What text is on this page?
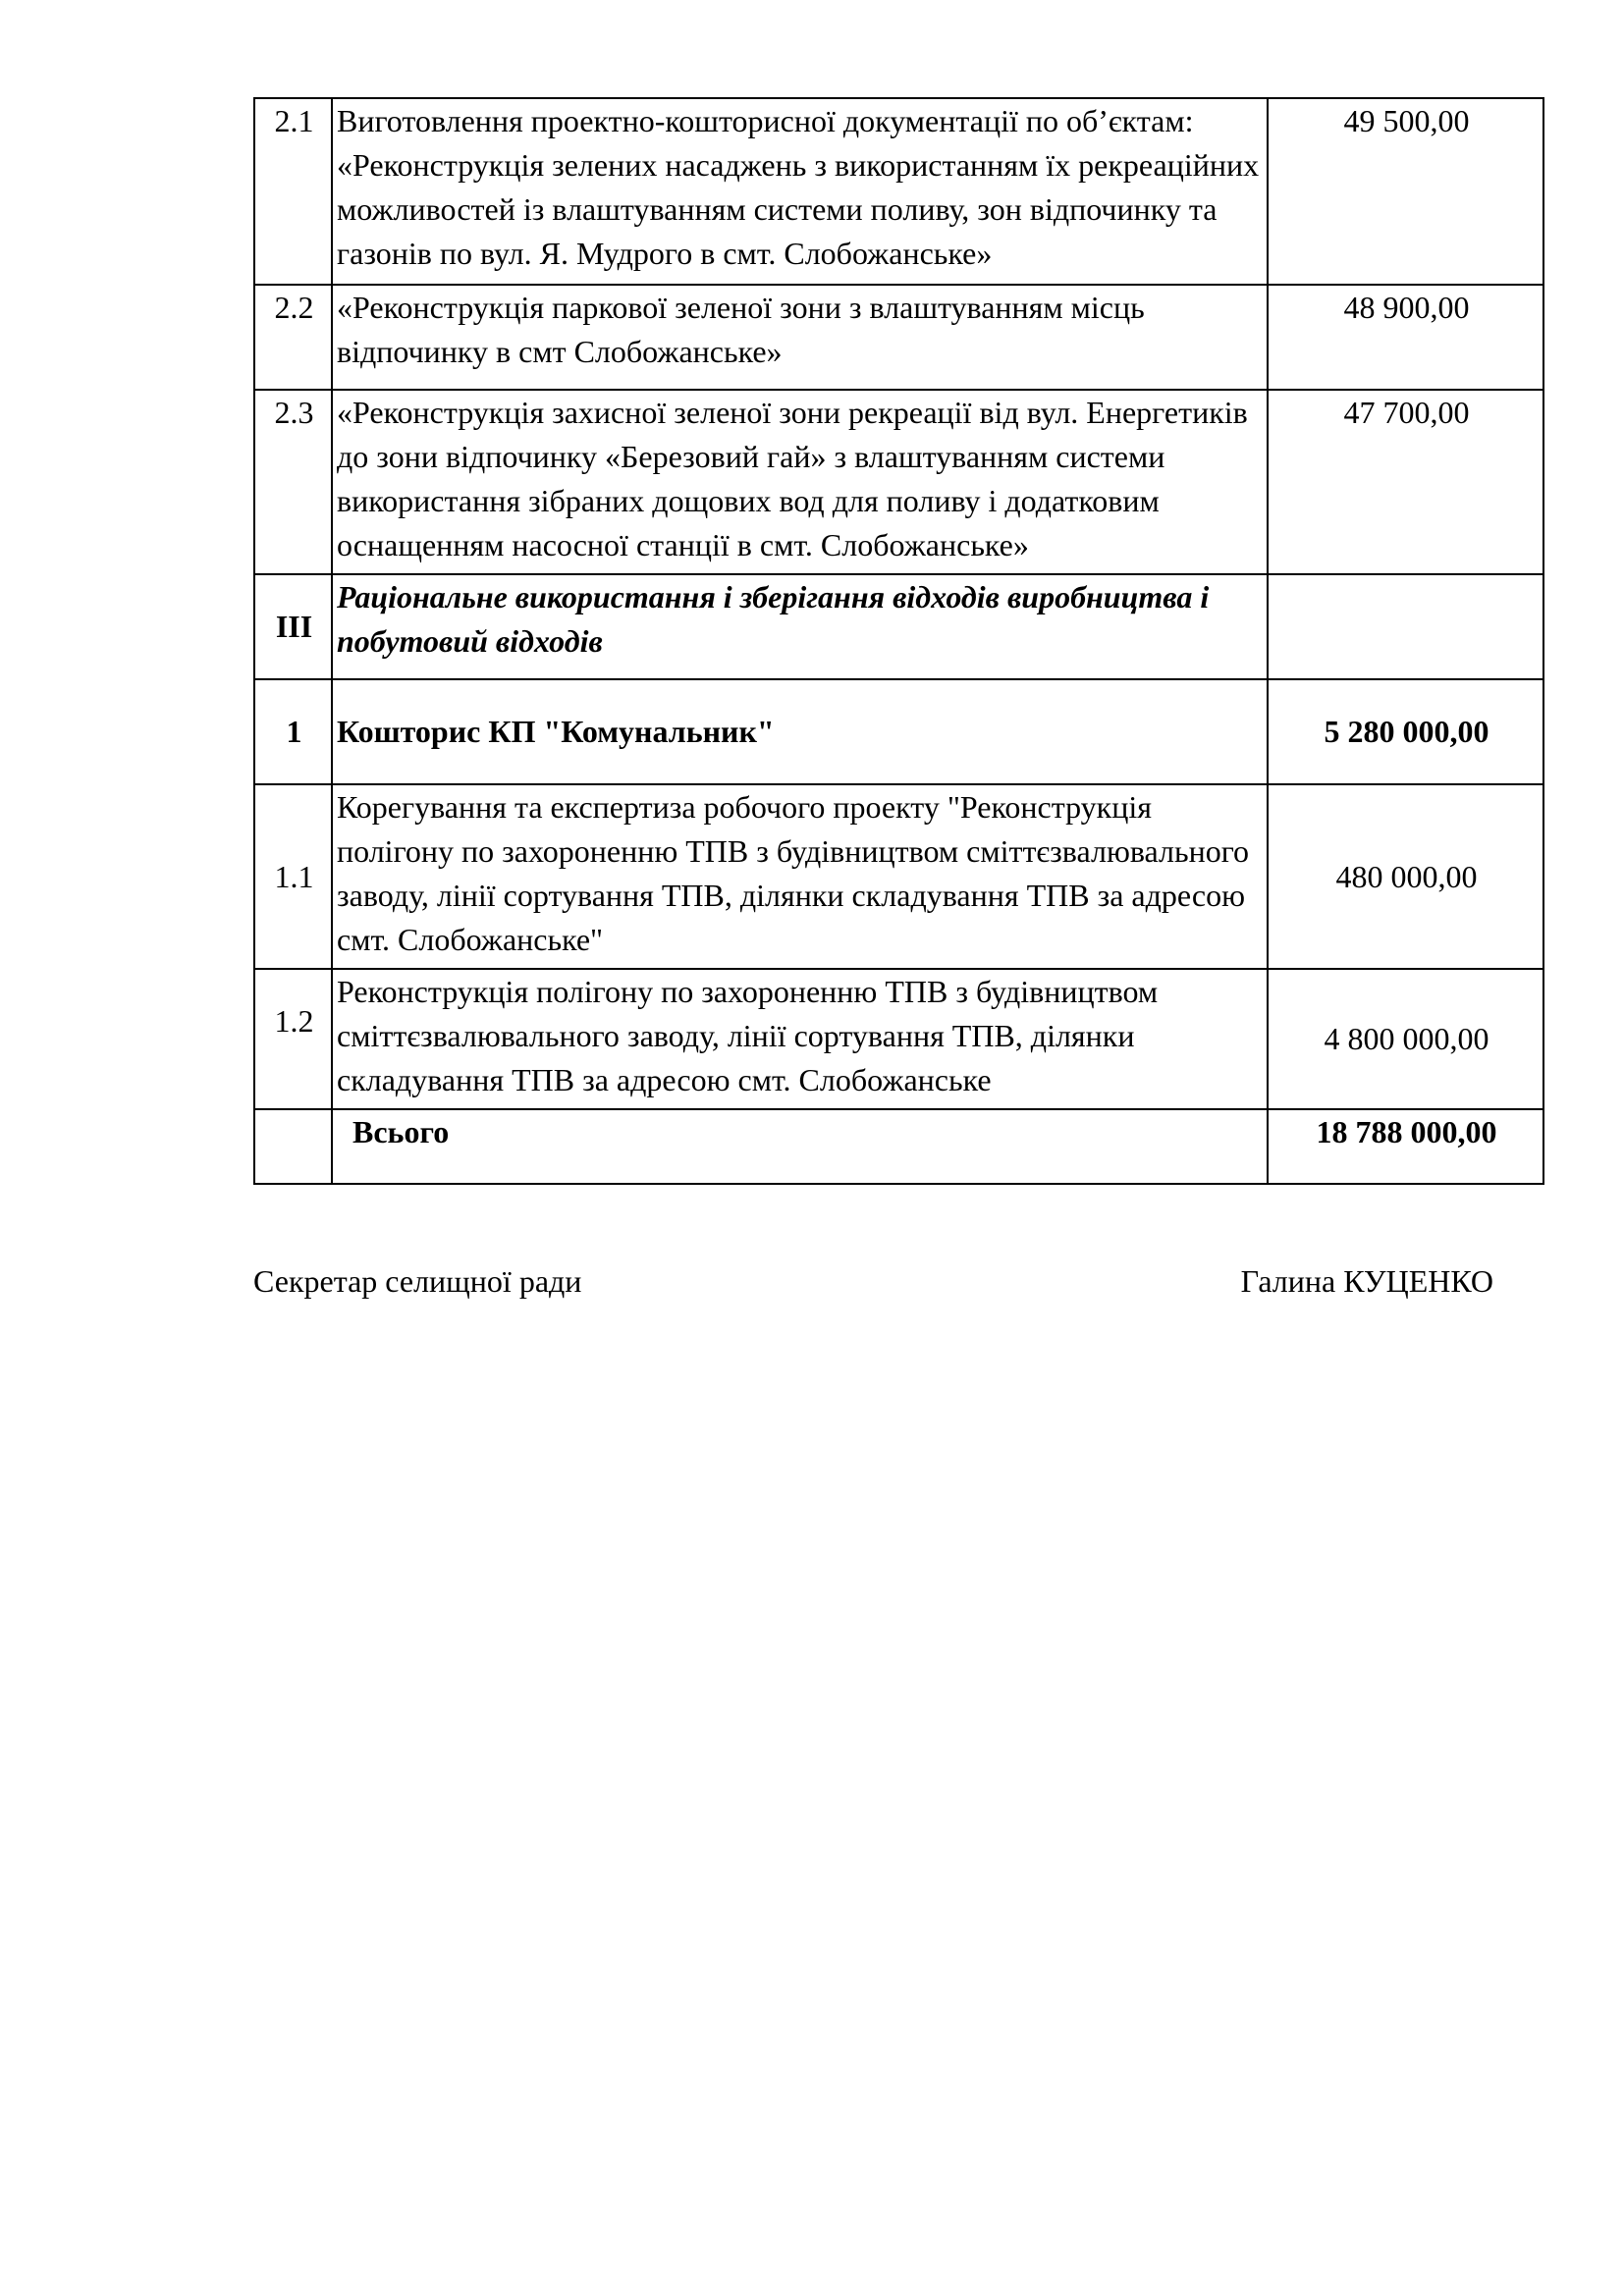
2.1	Виготовлення проектно-кошторисної документації по об’єктам: «Реконструкція зелених насаджень з використанням їх рекреаційних можливостей із влаштуванням системи поливу, зон відпочинку та газонів по вул. Я. Мудрого в смт. Слобожанське»	49 500,00
2.2	«Реконструкція паркової зеленої зони з влаштуванням місць відпочинку в смт Слобожанське»	48 900,00
2.3	«Реконструкція захисної зеленої зони рекреації від вул. Енергетиків до зони відпочинку «Березовий гай» з влаштуванням системи використання зібраних дощових вод для поливу і додатковим оснащенням насосної станції в смт. Слобожанське»	47 700,00
ІІІ	Раціональне використання і зберігання відходів виробництва і побутовий відходів	
1	Кошторис КП "Комунальник"	5 280 000,00
1.1	Корегування та експертиза робочого проекту "Реконструкція полігону по захороненню ТПВ з будівництвом сміттєзвалювального заводу, лінії сортування ТПВ, ділянки складування ТПВ за адресою смт. Слобожанське"	480 000,00
1.2	Реконструкція полігону по захороненню ТПВ з будівництвом сміттєзвалювального заводу, лінії сортування ТПВ, ділянки складування ТПВ за адресою смт. Слобожанське	4 800 000,00
	Всього	18 788 000,00
Секретар селищної ради	Галина КУЦЕНКО
